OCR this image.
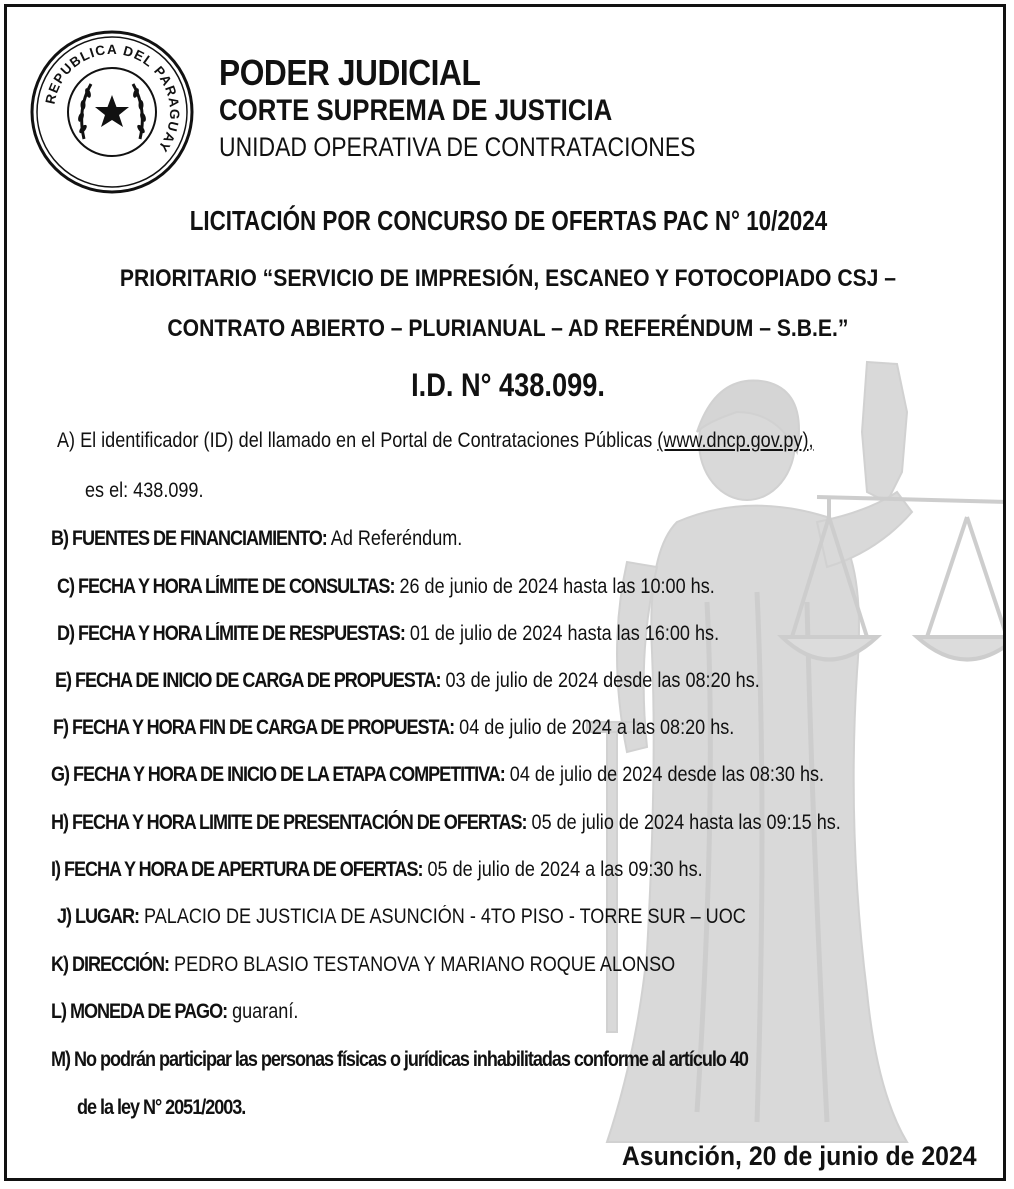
REPUBLICA DEL PARAGUAY
PODER JUDICIAL
CORTE SUPREMA DE JUSTICIA
UNIDAD OPERATIVA DE CONTRATACIONES
LICITACIÓN POR CONCURSO DE OFERTAS PAC N° 10/2024
PRIORITARIO “SERVICIO DE IMPRESIÓN, ESCANEO Y FOTOCOPIADO CSJ –
CONTRATO ABIERTO – PLURIANUAL – AD REFERÉNDUM – S.B.E.”
I.D. N° 438.099.
A) El identificador (ID) del llamado en el Portal de Contrataciones Públicas (www.dncp.gov.py),
es el: 438.099.
B) FUENTES DE FINANCIAMIENTO: Ad Referéndum.
C) FECHA Y HORA LÍMITE DE CONSULTAS: 26 de junio de 2024 hasta las 10:00 hs.
D) FECHA Y HORA LÍMITE DE RESPUESTAS: 01 de julio de 2024 hasta las 16:00 hs.
E) FECHA DE INICIO DE CARGA DE PROPUESTA: 03 de julio de 2024 desde las 08:20 hs.
F) FECHA Y HORA FIN DE CARGA DE PROPUESTA: 04 de julio de 2024 a las 08:20 hs.
G) FECHA Y HORA DE INICIO DE LA ETAPA COMPETITIVA: 04 de julio de 2024 desde las 08:30 hs.
H) FECHA Y HORA LIMITE DE PRESENTACIÓN DE OFERTAS: 05 de julio de 2024 hasta las 09:15 hs.
I) FECHA Y HORA DE APERTURA DE OFERTAS: 05 de julio de 2024 a las 09:30 hs.
J) LUGAR: PALACIO DE JUSTICIA DE ASUNCIÓN - 4TO PISO - TORRE SUR – UOC
K) DIRECCIÓN: PEDRO BLASIO TESTANOVA Y MARIANO ROQUE ALONSO
L) MONEDA DE PAGO: guaraní.
M) No podrán participar las personas físicas o jurídicas inhabilitadas conforme al artículo 40
de la ley N° 2051/2003.
Asunción, 20 de junio de 2024
